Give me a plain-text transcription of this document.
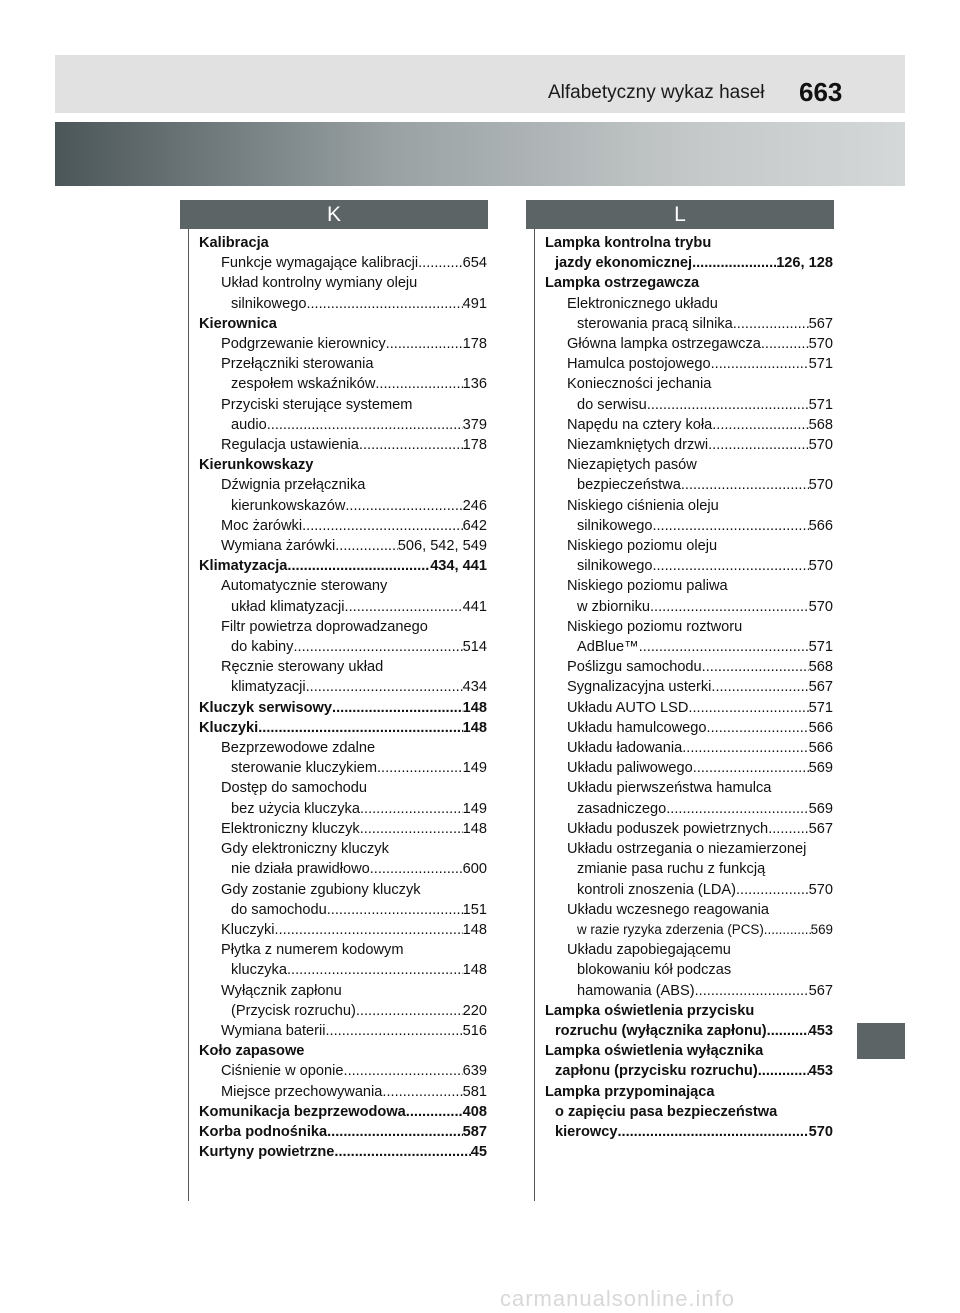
Alfabetyczny wykaz haseł 663
K	L
Kalibracja
Funkcje wymagające kalibracji .....	654
Układ kontrolny wymiany oleju
silnikowego .....	491
Kierownica
Podgrzewanie kierownicy .....	178
Przełączniki sterowania
zespołem wskaźników .....	136
Przyciski sterujące systemem
audio .....	379
Regulacja ustawienia .....	178
Kierunkowskazy
Dźwignia przełącznika
kierunkowskazów .....	246
Moc żarówki .....	642
Wymiana żarówki .....	506, 542, 549
Klimatyzacja .....	434, 441
Automatycznie sterowany
układ klimatyzacji .....	441
Filtr powietrza doprowadzanego
do kabiny .....	514
Ręcznie sterowany układ
klimatyzacji .....	434
Kluczyk serwisowy .....	148
Kluczyki .....	148
Bezprzewodowe zdalne
sterowanie kluczykiem .....	149
Dostęp do samochodu
bez użycia kluczyka .....	149
Elektroniczny kluczyk .....	148
Gdy elektroniczny kluczyk
nie działa prawidłowo .....	600
Gdy zostanie zgubiony kluczyk
do samochodu .....	151
Kluczyki .....	148
Płytka z numerem kodowym
kluczyka .....	148
Wyłącznik zapłonu
(Przycisk rozruchu) .....	220
Wymiana baterii .....	516
Koło zapasowe
Ciśnienie w oponie .....	639
Miejsce przechowywania .....	581
Komunikacja bezprzewodowa .....	408
Korba podnośnika .....	587
Kurtyny powietrzne .....	45
Lampka kontrolna trybu
jazdy ekonomicznej .....	126, 128
Lampka ostrzegawcza
Elektronicznego układu
sterowania pracą silnika .....	567
Główna lampka ostrzegawcza .....	570
Hamulca postojowego .....	571
Konieczności jechania
do serwisu .....	571
Napędu na cztery koła .....	568
Niezamkniętych drzwi .....	570
Niezapiętych pasów
bezpieczeństwa .....	570
Niskiego ciśnienia oleju
silnikowego .....	566
Niskiego poziomu oleju
silnikowego .....	570
Niskiego poziomu paliwa
w zbiorniku .....	570
Niskiego poziomu roztworu
AdBlue™ .....	571
Poślizgu samochodu .....	568
Sygnalizacyjna usterki .....	567
Układu AUTO LSD .....	571
Układu hamulcowego .....	566
Układu ładowania .....	566
Układu paliwowego .....	569
Układu pierwszeństwa hamulca
zasadniczego .....	569
Układu poduszek powietrznych .....	567
Układu ostrzegania o niezamierzonej
zmianie pasa ruchu z funkcją
kontroli znoszenia (LDA) .....	570
Układu wczesnego reagowania
w razie ryzyka zderzenia (PCS) .....	569
Układu zapobiegającemu
blokowaniu kół podczas
hamowania (ABS) .....	567
Lampka oświetlenia przycisku
rozruchu (wyłącznika zapłonu) .....	453
Lampka oświetlenia wyłącznika
zapłonu (przycisku rozruchu) .....	453
Lampka przypominająca
o zapięciu pasa bezpieczeństwa
kierowcy .....	570
carmanualsonline.info
